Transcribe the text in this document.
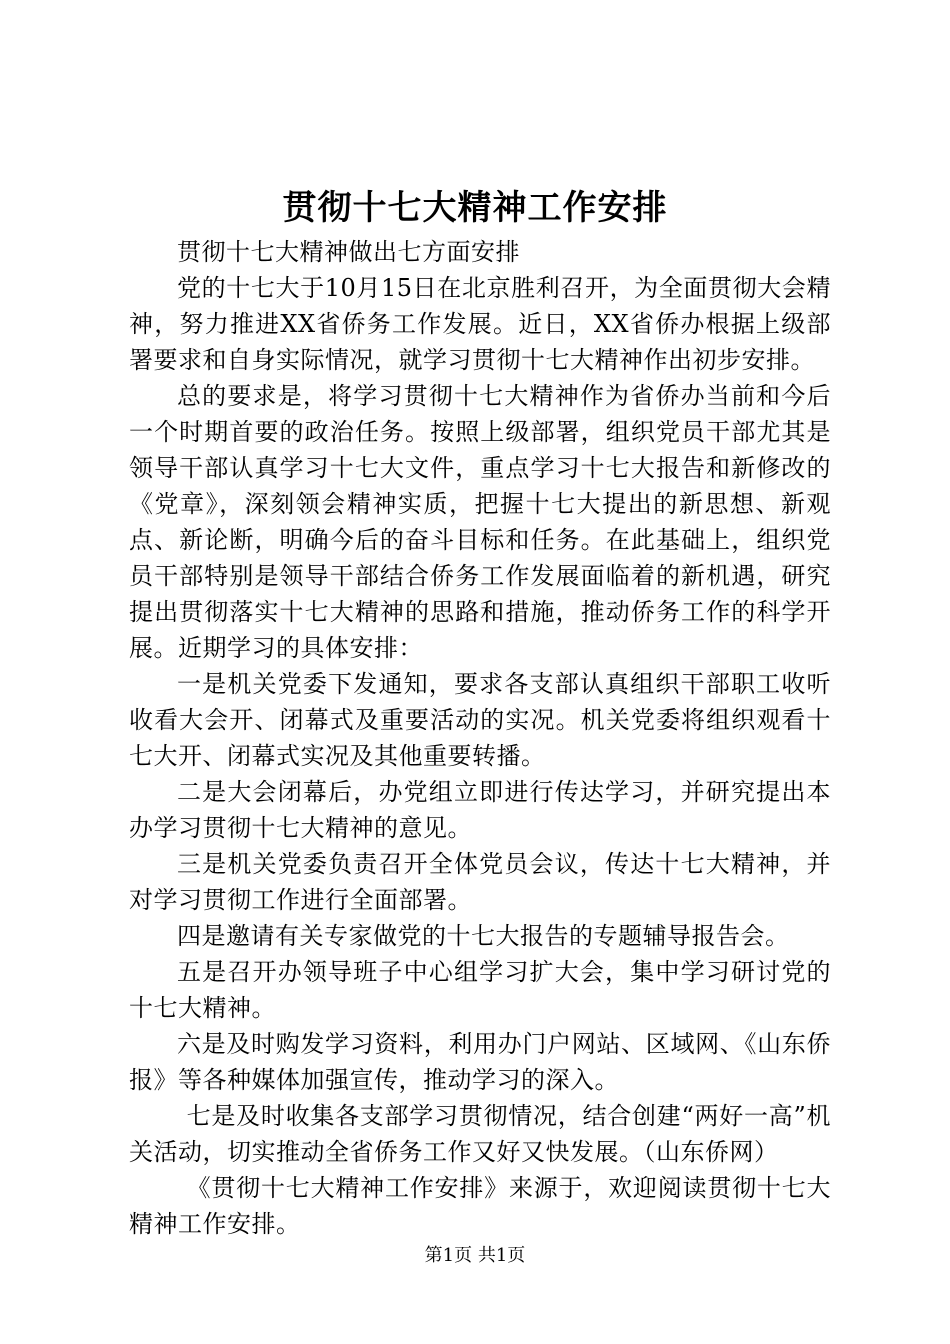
贯彻十七大精神工作安排

贯彻十七大精神做出七方面安排

党的十七大于10月15日在北京胜利召开，为全面贯彻大会精神，努力推进XX省侨务工作发展。近日，XX省侨办根据上级部署要求和自身实际情况，就学习贯彻十七大精神作出初步安排。

总的要求是，将学习贯彻十七大精神作为省侨办当前和今后一个时期首要的政治任务。按照上级部署，组织党员干部尤其是领导干部认真学习十七大文件，重点学习十七大报告和新修改的《党章》，深刻领会精神实质，把握十七大提出的新思想、新观点、新论断，明确今后的奋斗目标和任务。在此基础上，组织党员干部特别是领导干部结合侨务工作发展面临着的新机遇，研究提出贯彻落实十七大精神的思路和措施，推动侨务工作的科学开展。近期学习的具体安排：

一是机关党委下发通知，要求各支部认真组织干部职工收听收看大会开、闭幕式及重要活动的实况。机关党委将组织观看十七大开、闭幕式实况及其他重要转播。

二是大会闭幕后，办党组立即进行传达学习，并研究提出本办学习贯彻十七大精神的意见。

三是机关党委负责召开全体党员会议，传达十七大精神，并对学习贯彻工作进行全面部署。

四是邀请有关专家做党的十七大报告的专题辅导报告会。

五是召开办领导班子中心组学习扩大会，集中学习研讨党的十七大精神。

六是及时购发学习资料，利用办门户网站、区域网、《山东侨报》等各种媒体加强宣传，推动学习的深入。

七是及时收集各支部学习贯彻情况，结合创建“两好一高”机关活动，切实推动全省侨务工作又好又快发展。（山东侨网）

《贯彻十七大精神工作安排》来源于，欢迎阅读贯彻十七大精神工作安排。

第1页 共1页
